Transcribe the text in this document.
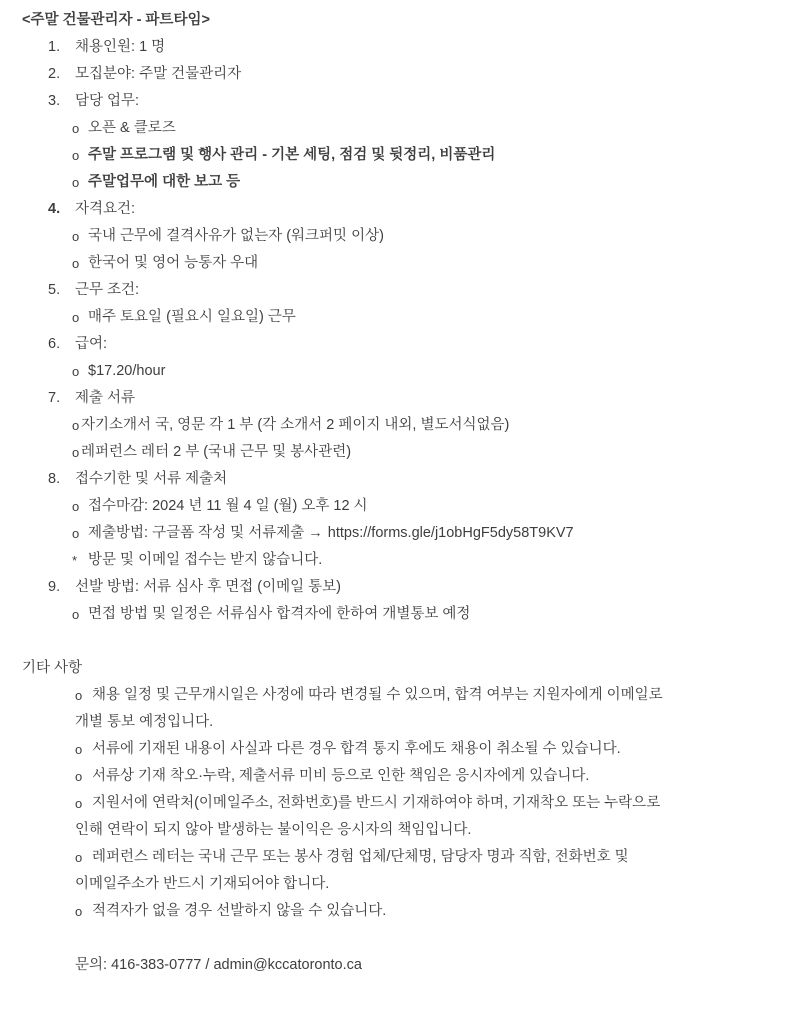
<주말 건물관리자 - 파트타임>
1.	채용인원: 1 명
2.	모집분야: 주말 건물관리자
3.	담당 업무:
o 오픈 & 클로즈
o 주말 프로그램 및 행사 관리 - 기본 세팅, 점검 및 뒷정리, 비품관리
o 주말업무에 대한 보고 등
4.	자격요건:
o 국내 근무에 결격사유가 없는자 (워크퍼밋 이상)
o 한국어 및 영어 능통자 우대
5.	근무 조건:
o 매주 토요일 (필요시 일요일) 근무
6.	급여:
o $17.20/hour
7.	제출 서류
o 자기소개서 국, 영문 각 1 부 (각 소개서 2 페이지 내외, 별도서식없음)
o 레퍼런스 레터 2 부 (국내 근무 및 봉사관련)
8.	접수기한 및 서류 제출처
o 접수마감: 2024 년 11 월 4 일 (월) 오후 12 시
o 제출방법: 구글폼 작성 및 서류제출 → https://forms.gle/j1obHgF5dy58T9KV7
* 방문 및 이메일 접수는 받지 않습니다.
9.	선발 방법: 서류 심사 후 면접 (이메일 통보)
o 면접 방법 및 일정은 서류심사 합격자에 한하여 개별통보 예정
기타 사항
o 채용 일정 및 근무개시일은 사정에 따라 변경될 수 있으며, 합격 여부는 지원자에게 이메일로
개별 통보 예정입니다.
o 서류에 기재된 내용이 사실과 다른 경우 합격 통지 후에도 채용이 취소될 수 있습니다.
o 서류상 기재 착오·누락, 제출서류 미비 등으로 인한 책임은 응시자에게 있습니다.
o 지원서에 연락처(이메일주소, 전화번호)를 반드시 기재하여야 하며, 기재착오 또는 누락으로
인해 연락이 되지 않아 발생하는 불이익은 응시자의 책임입니다.
o 레퍼런스 레터는 국내 근무 또는 봉사 경험 업체/단체명, 담당자 명과 직함, 전화번호 및
이메일주소가 반드시 기재되어야 합니다.
o 적격자가 없을 경우 선발하지 않을 수 있습니다.
문의: 416-383-0777 / admin@kccatoronto.ca
